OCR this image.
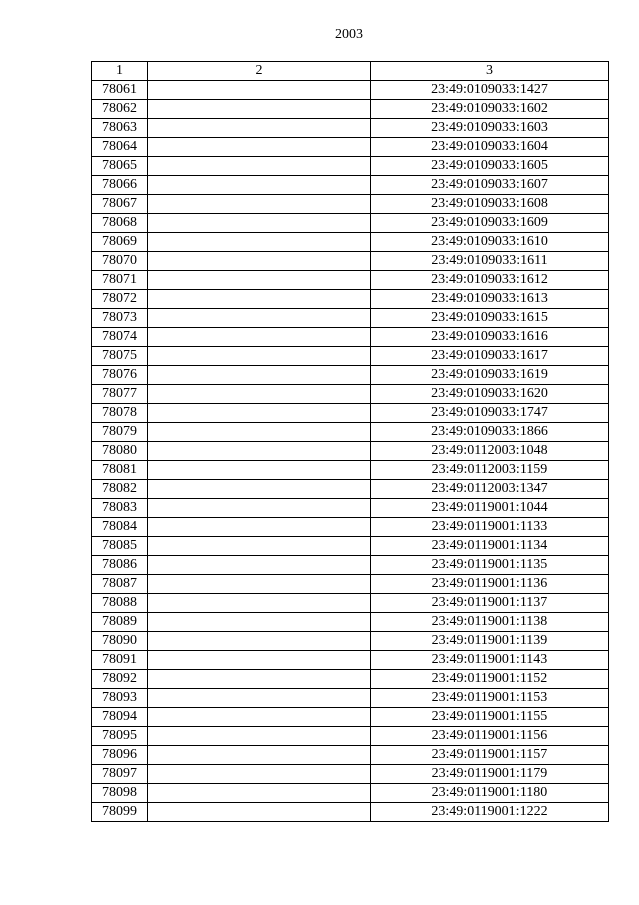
2003
1	2	3
78061		23:49:0109033:1427
78062		23:49:0109033:1602
78063		23:49:0109033:1603
78064		23:49:0109033:1604
78065		23:49:0109033:1605
78066		23:49:0109033:1607
78067		23:49:0109033:1608
78068		23:49:0109033:1609
78069		23:49:0109033:1610
78070		23:49:0109033:1611
78071		23:49:0109033:1612
78072		23:49:0109033:1613
78073		23:49:0109033:1615
78074		23:49:0109033:1616
78075		23:49:0109033:1617
78076		23:49:0109033:1619
78077		23:49:0109033:1620
78078		23:49:0109033:1747
78079		23:49:0109033:1866
78080		23:49:0112003:1048
78081		23:49:0112003:1159
78082		23:49:0112003:1347
78083		23:49:0119001:1044
78084		23:49:0119001:1133
78085		23:49:0119001:1134
78086		23:49:0119001:1135
78087		23:49:0119001:1136
78088		23:49:0119001:1137
78089		23:49:0119001:1138
78090		23:49:0119001:1139
78091		23:49:0119001:1143
78092		23:49:0119001:1152
78093		23:49:0119001:1153
78094		23:49:0119001:1155
78095		23:49:0119001:1156
78096		23:49:0119001:1157
78097		23:49:0119001:1179
78098		23:49:0119001:1180
78099		23:49:0119001:1222
